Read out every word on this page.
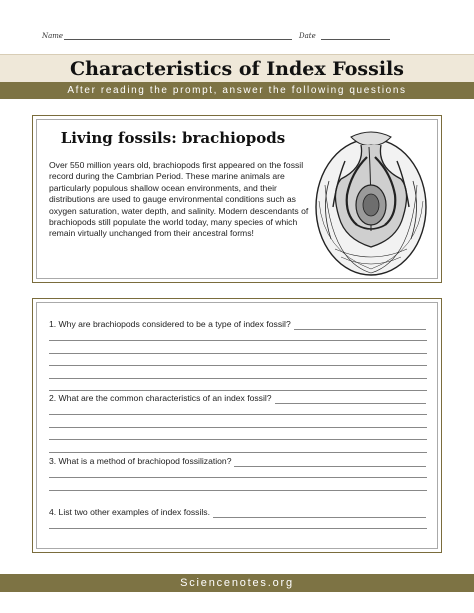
Name	Date
Characteristics of Index Fossils
After reading the prompt, answer the following questions
Living fossils: brachiopods
Over 550 million years old, brachiopods first appeared on the fossil record during the Cambrian Period. These marine animals are particularly populous shallow ocean environments, and their distributions are used to gauge environmental conditions such as oxygen saturation, water depth, and salinity. Modern descendants of brachiopods still populate the world today, many species of which remain virtually unchanged from their ancestral forms!
1. Why are brachiopods considered to be a type of index fossil?
2. What are the common characteristics of an index fossil?
3. What is a method of brachiopod fossilization?
4. List two other examples of index fossils.
Sciencenotes.org
